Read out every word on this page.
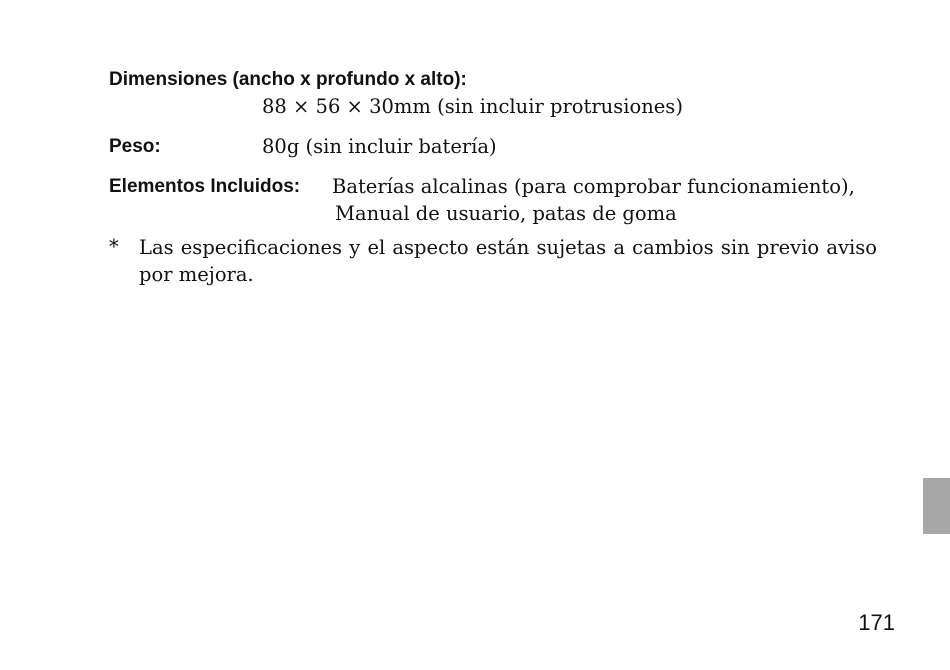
Dimensiones (ancho x profundo x alto):
88 × 56 × 30mm (sin incluir protrusiones)
Peso:	80g (sin incluir batería)
Elementos Incluidos: Baterías alcalinas (para comprobar funcionamiento),
Manual de usuario, patas de goma
* Las especificaciones y el aspecto están sujetas a cambios sin previo aviso por mejora.
171
